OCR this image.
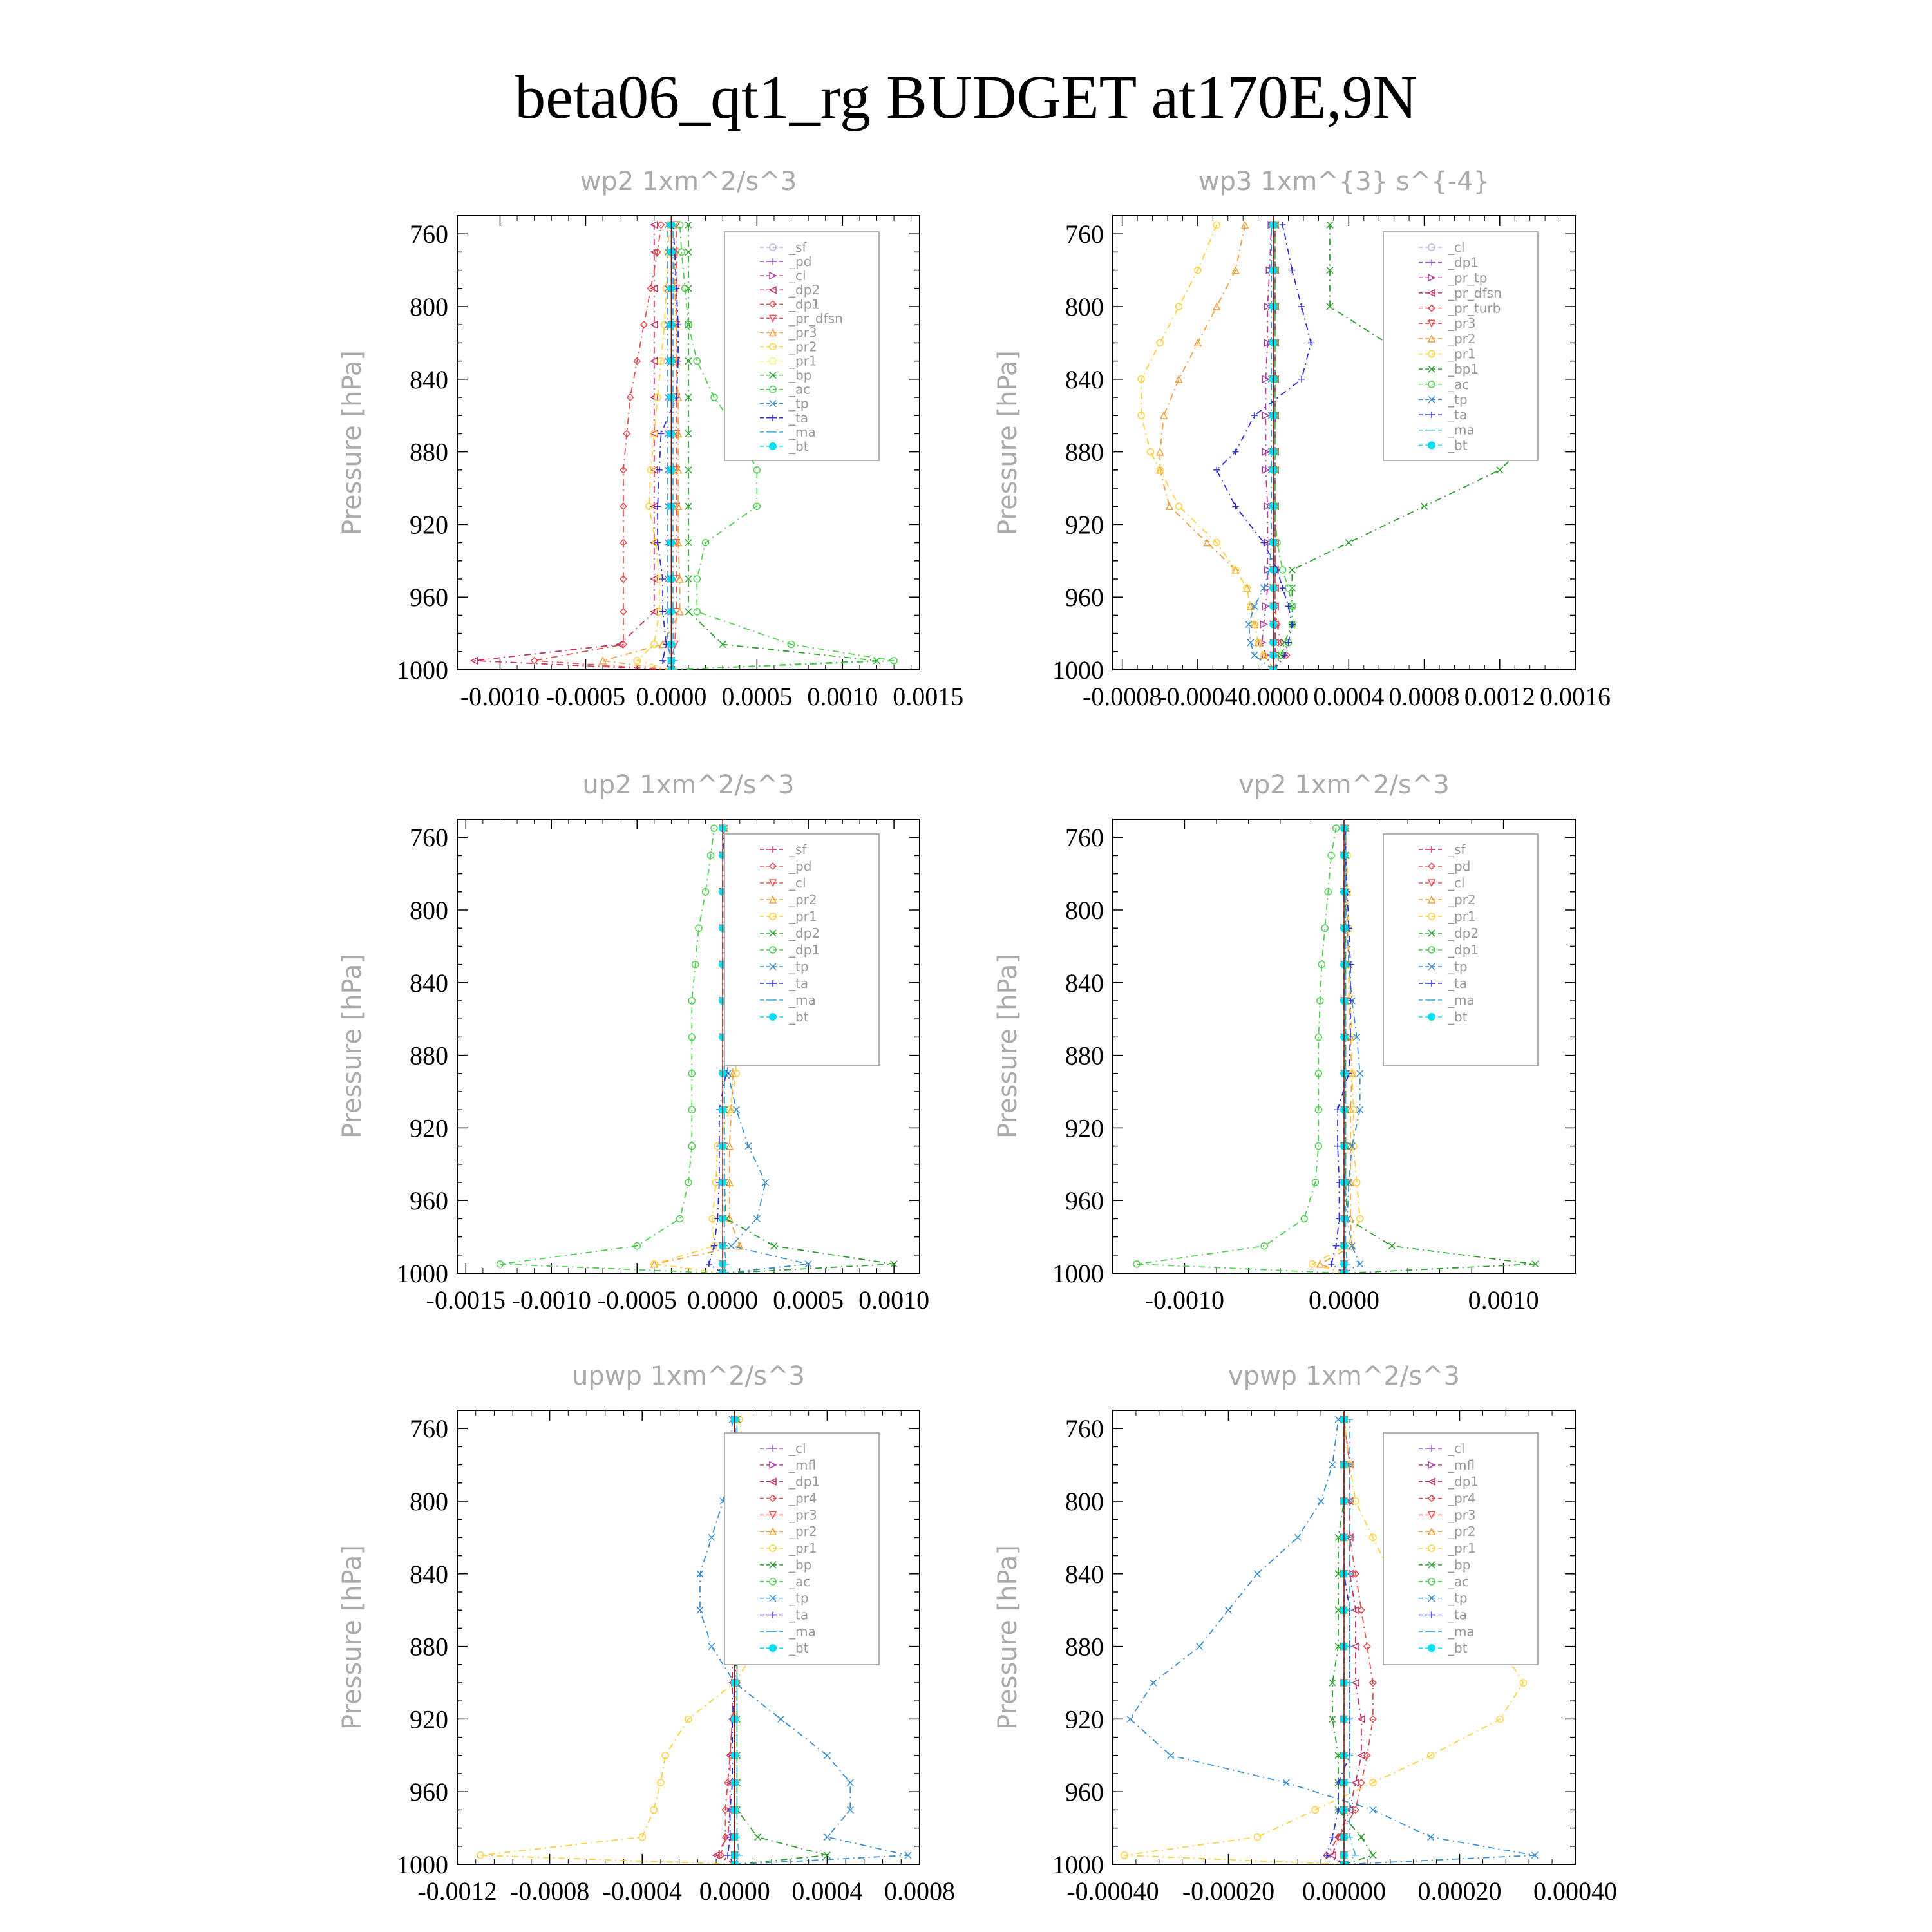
beta06_qt1_rg BUDGET at170E,9N
wp2 1xm^2/s^3
Pressure [hPa]
760
800
840
880
920
960
1000
-0.0010 -0.0005 0.0000 0.0005 0.0010 0.0015
_sf
_pd
_cl
_dp2
_dp1
_pr_dfsn
_pr3
_pr2
_pr1
_bp
_ac
_tp
_ta
_ma
_bt
wp3 1xm^{3} s^{-4}
Pressure [hPa]
760
800
840
880
920
960
1000
-0.0008
-0.0004 0.0000 0.0004 0.0008 0.0012 0.0016
_cl
_dp1
_pr_tp
_pr_dfsn
_pr_turb
_pr3
_pr2
_pr1
_bp1
_ac
_tp
_ta
_ma
_bt
up2 1xm^2/s^3
Pressure [hPa]
760
800
840
880
920
960
1000
-0.0015 -0.0010 -0.0005 0.0000 0.0005 0.0010
_sf
_pd
_cl
_pr2
_pr1
_dp2
_dp1
_tp
_ta
_ma
_bt
vp2 1xm^2/s^3
Pressure [hPa]
760
800
840
880
920
960
1000
-0.0010	0.0000	0.0010
_sf
_pd
_cl
_pr2
_pr1
_dp2
_dp1
_tp
_ta
_ma
_bt
upwp 1xm^2/s^3
Pressure [hPa]
760
800
840
880
920
960
1000
-0.0012 -0.0008 -0.0004 0.0000 0.0004 0.0008
_cl
_mfl
_dp1
_pr4
_pr3
_pr2
_pr1
_bp
_ac
_tp
_ta
_ma
_bt
vpwp 1xm^2/s^3
Pressure [hPa]
760
800
840
880
920
960
1000
-0.00040 -0.00020 0.00000 0.00020 0.00040
_cl
_mfl
_dp1
_pr4
_pr3
_pr2
_pr1
_bp
_ac
_tp
_ta
_ma
_bt
